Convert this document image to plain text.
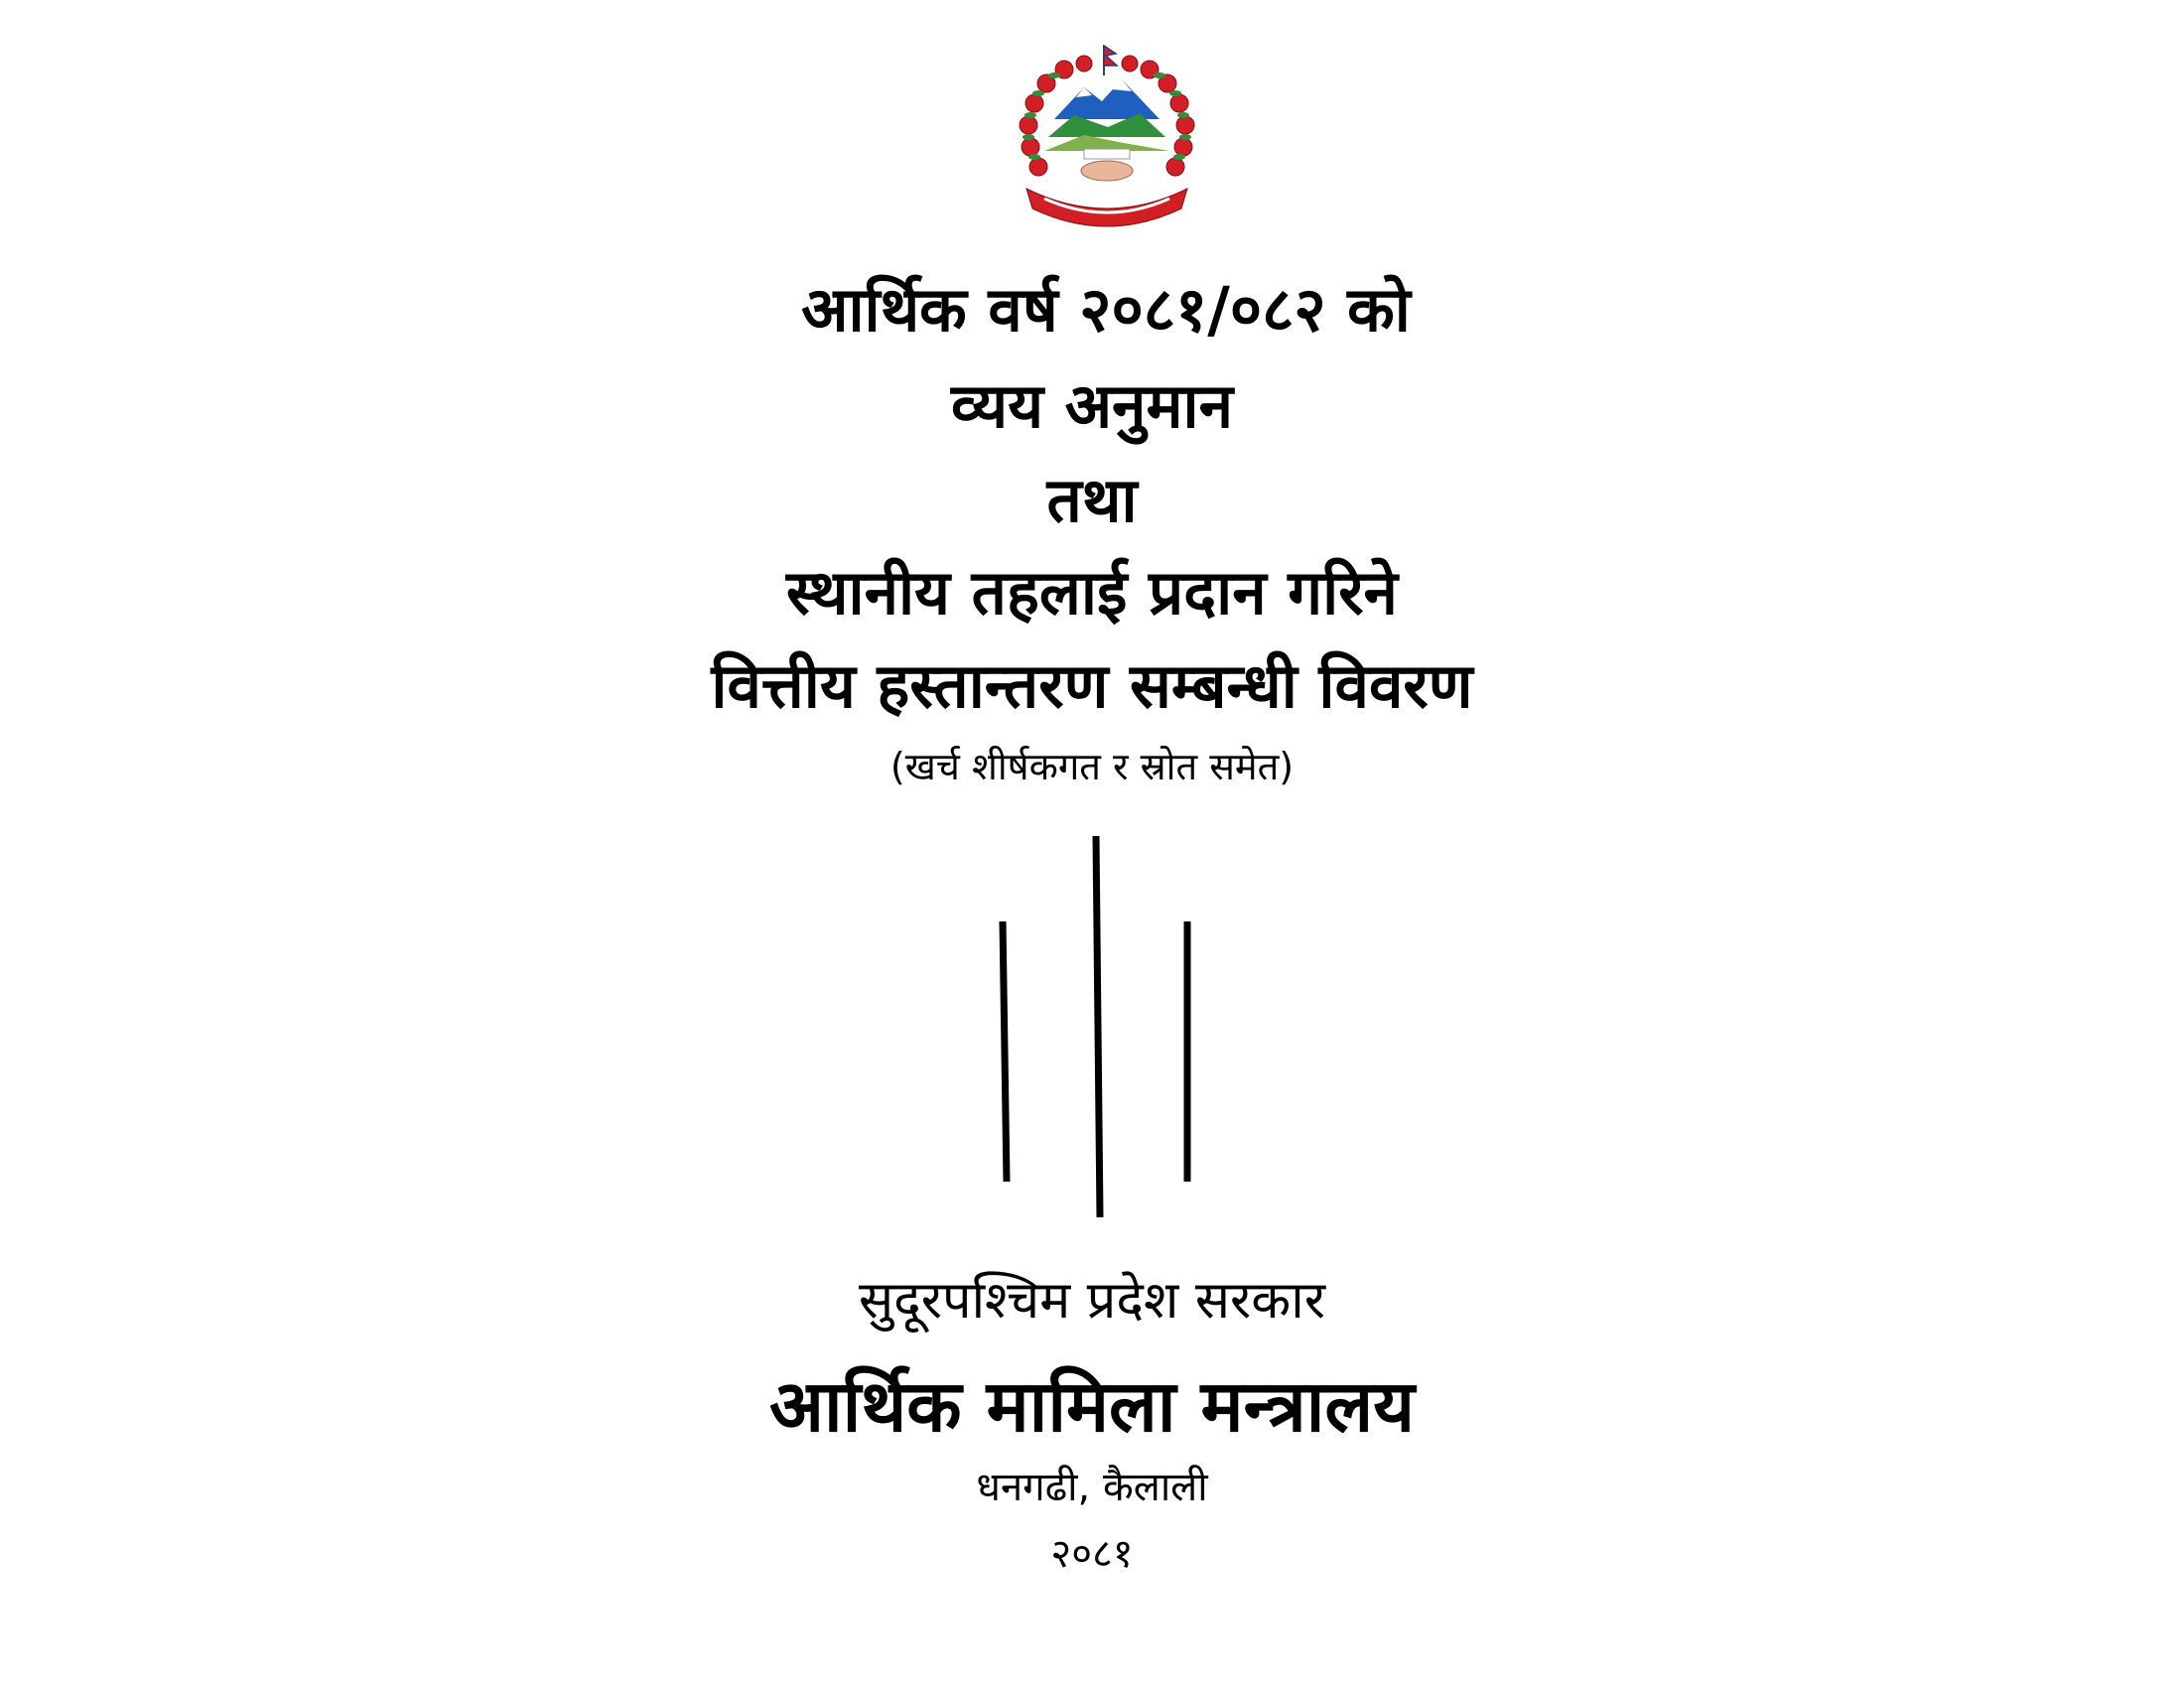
आर्थिक वर्ष २०८१/०८२ को
व्यय अनुमान
तथा
स्थानीय तहलाई प्रदान गरिने
वित्तीय हस्तान्तरण सम्बन्धी विवरण
(खर्च शीर्षकगत र स्रोत समेत)
सुदूरपश्चिम प्रदेश सरकार
आर्थिक मामिला मन्त्रालय
धनगढी, कैलाली
२०८१
